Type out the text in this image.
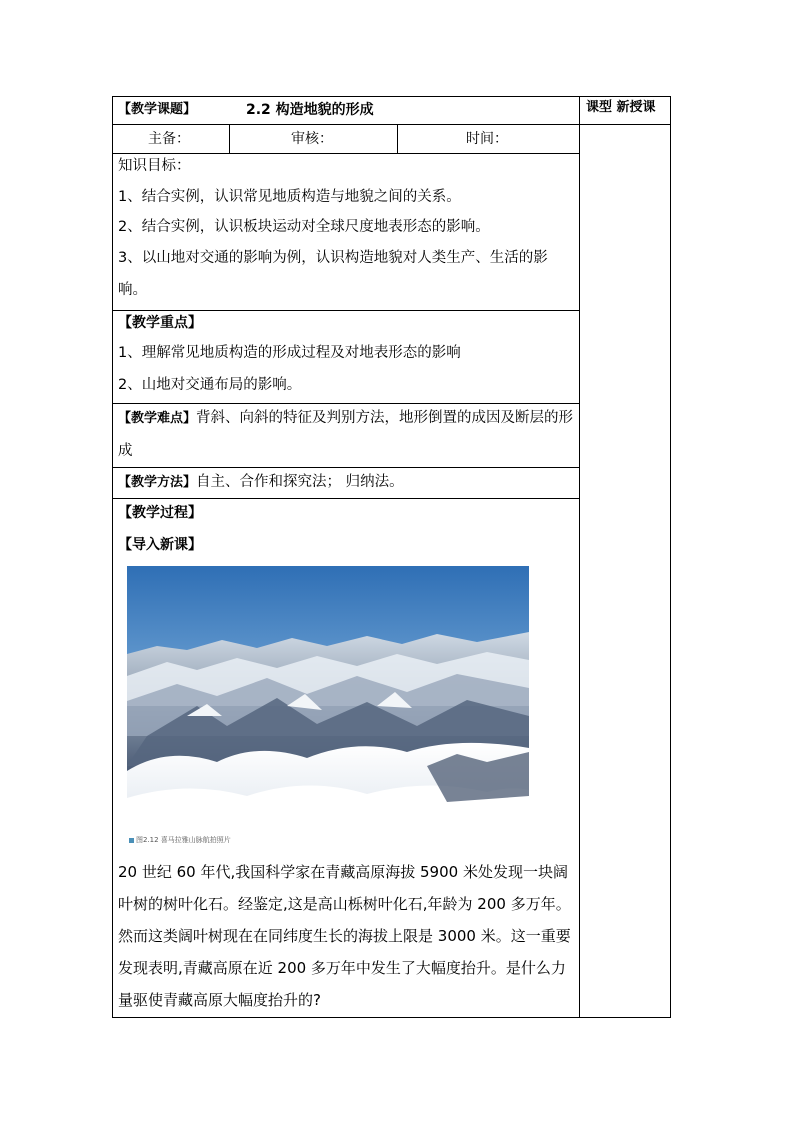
【教学课题】	2.2 构造地貌的形成	课型 新授课
主备：	审核：	时间：
知识目标：
1、结合实例，认识常见地质构造与地貌之间的关系。
2、结合实例，认识板块运动对全球尺度地表形态的影响。
3、以山地对交通的影响为例，认识构造地貌对人类生产、生活的影响。
【教学重点】
1、理解常见地质构造的形成过程及对地表形态的影响
2、山地对交通布局的影响。
【教学难点】背斜、向斜的特征及判别方法，地形倒置的成因及断层的形成
【教学方法】自主、合作和探究法； 归纳法。
【教学过程】
【导入新课】
图2.12 喜马拉雅山脉航拍照片
20 世纪 60 年代,我国科学家在青藏高原海拔 5900 米处发现一块阔叶树的树叶化石。经鉴定,这是高山栎树叶化石,年龄为 200 多万年。然而这类阔叶树现在在同纬度生长的海拔上限是 3000 米。这一重要发现表明,青藏高原在近 200 多万年中发生了大幅度抬升。是什么力量驱使青藏高原大幅度抬升的?
